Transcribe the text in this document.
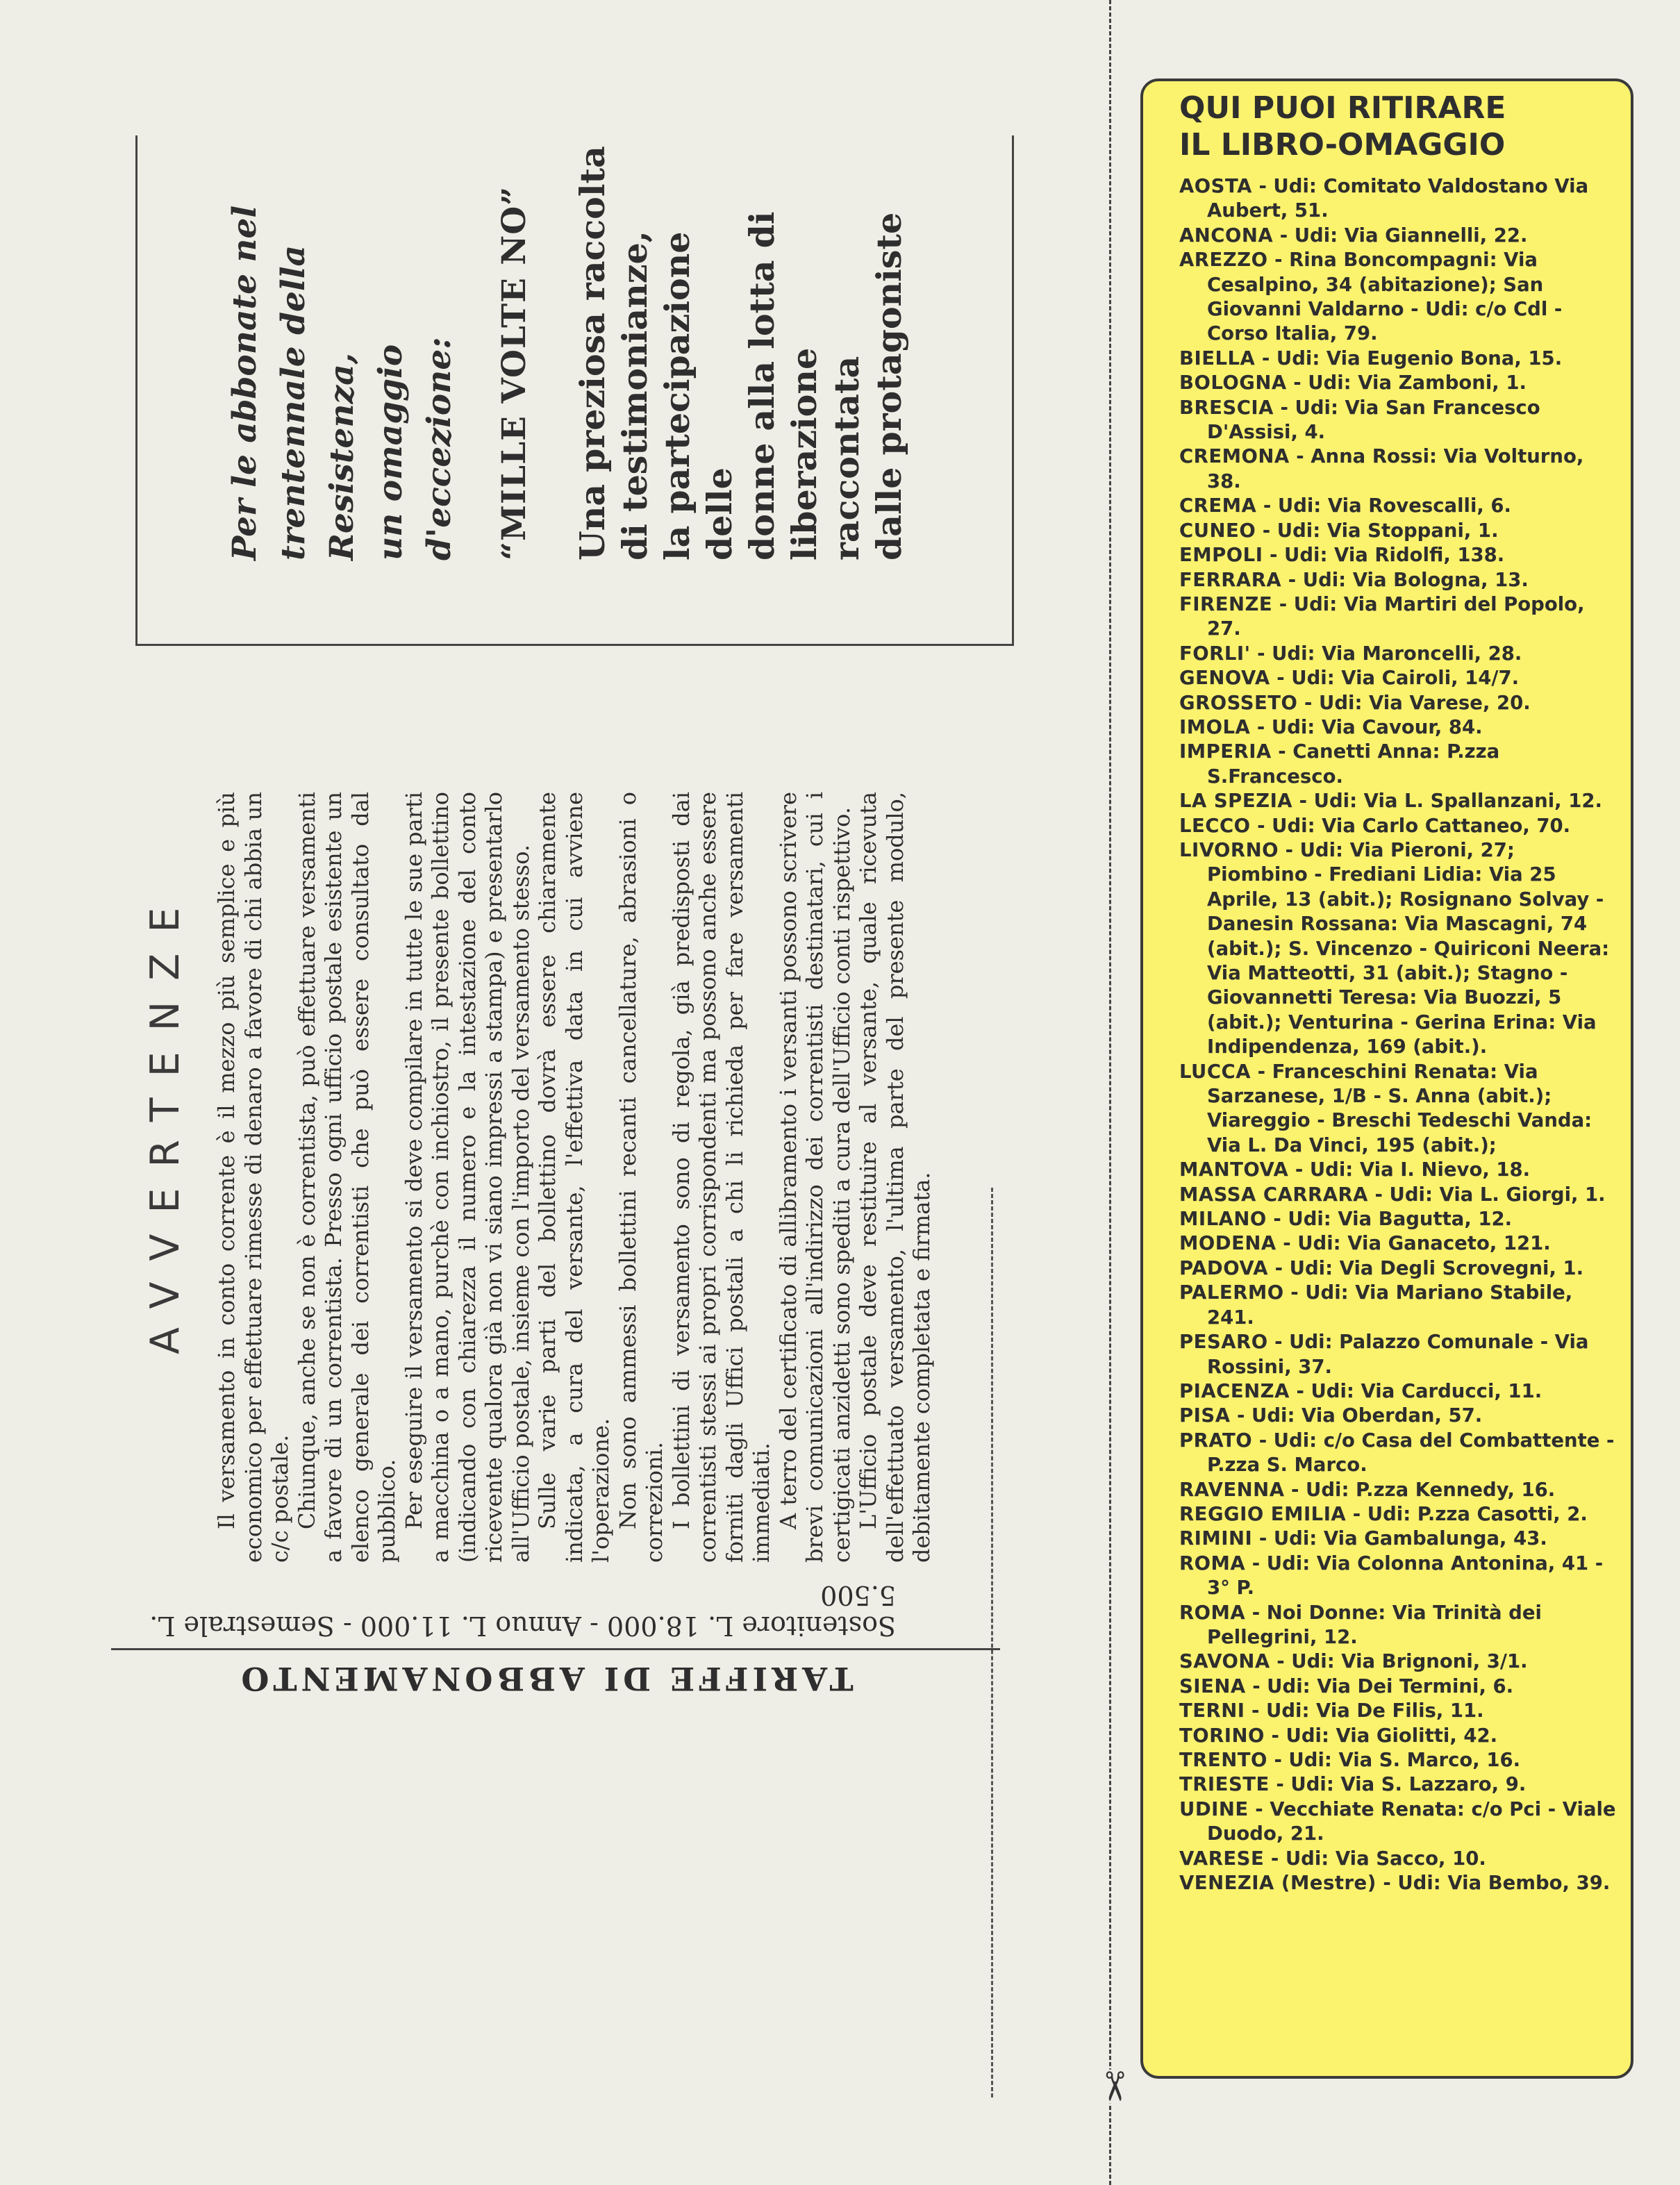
Per le abbonate nel trentennale della Resistenza, un omaggio d'eccezione: “MILLE VOLTE NO” Una preziosa raccolta di testimonianze, la partecipazione delle donne alla lotta di liberazione raccontata dalle protagoniste
AVVERTENZE Il versamento in conto corrente è il mezzo più semplice e più economico per effettuare rimesse di denaro a favore di chi abbia un c/c postale. Chiunque, anche se non è correntista, può effettuare versamenti a favore di un correntista. Presso ogni ufficio postale esistente un elenco generale dei correntisti che può essere consultato dal pubblico. Per eseguire il versamento si deve compilare in tutte le sue parti a macchina o a mano, purchè con inchiostro, il presente bollettino (indicando con chiarezza il numero e la intestazione del conto ricevente qualora già non vi siano impressi a stampa) e presentarlo all'Ufficio postale, insieme con l'importo del versamento stesso. Sulle varie parti del bollettino dovrà essere chiaramente indicata, a cura del versante, l'effettiva data in cui avviene l'operazione. Non sono ammessi bollettini recanti cancellature, abrasioni o correzioni. I bollettini di versamento sono di regola, già predisposti dai correntisti stessi ai propri corrispondenti ma possono anche essere forniti dagli Uffici postali a chi li richieda per fare versamenti immediati. A terro del certificato di allibramento i versanti possono scrivere brevi comunicazioni all'indirizzo dei correntisti destinatari, cui i certigicati anzidetti sono spediti a cura dell'Ufficio conti rispettivo. L'Ufficio postale deve restituire al versante, quale ricevuta dell'effettuato versamento, l'ultima parte del presente modulo, debitamente completata e firmata.

TARIFFE DI ABBONAMENTO
Sostenitore L. 18.000 - Annuo L. 11.000 - Semestrale L. 5.500
✂
QUI PUOI RITIRARE
IL LIBRO-OMAGGIO
AOSTA - Udi: Comitato Valdostano Via Aubert, 51.
ANCONA - Udi: Via Giannelli, 22.
AREZZO - Rina Boncompagni: Via Cesalpino, 34 (abitazione); San Giovanni Valdarno - Udi: c/o Cdl - Corso Italia, 79.
BIELLA - Udi: Via Eugenio Bona, 15.
BOLOGNA - Udi: Via Zamboni, 1.
BRESCIA - Udi: Via San Francesco D'Assisi, 4.
CREMONA - Anna Rossi: Via Volturno, 38.
CREMA - Udi: Via Rovescalli, 6.
CUNEO - Udi: Via Stoppani, 1.
EMPOLI - Udi: Via Ridolfi, 138.
FERRARA - Udi: Via Bologna, 13.
FIRENZE - Udi: Via Martiri del Popolo, 27.
FORLI' - Udi: Via Maroncelli, 28.
GENOVA - Udi: Via Cairoli, 14/7.
GROSSETO - Udi: Via Varese, 20.
IMOLA - Udi: Via Cavour, 84.
IMPERIA - Canetti Anna: P.zza S.Francesco.
LA SPEZIA - Udi: Via L. Spallanzani, 12.
LECCO - Udi: Via Carlo Cattaneo, 70.
LIVORNO - Udi: Via Pieroni, 27; Piombino - Frediani Lidia: Via 25 Aprile, 13 (abit.); Rosignano Solvay - Danesin Rossana: Via Mascagni, 74 (abit.); S. Vincenzo - Quiriconi Neera: Via Matteotti, 31 (abit.); Stagno - Giovannetti Teresa: Via Buozzi, 5 (abit.); Venturina - Gerina Erina: Via Indipendenza, 169 (abit.).
LUCCA - Franceschini Renata: Via Sarzanese, 1/B - S. Anna (abit.); Viareggio - Breschi Tedeschi Vanda: Via L. Da Vinci, 195 (abit.);
MANTOVA - Udi: Via I. Nievo, 18.
MASSA CARRARA - Udi: Via L. Giorgi, 1.
MILANO - Udi: Via Bagutta, 12.
MODENA - Udi: Via Ganaceto, 121.
PADOVA - Udi: Via Degli Scrovegni, 1.
PALERMO - Udi: Via Mariano Stabile, 241.
PESARO - Udi: Palazzo Comunale - Via Rossini, 37.
PIACENZA - Udi: Via Carducci, 11.
PISA - Udi: Via Oberdan, 57.
PRATO - Udi: c/o Casa del Combattente - P.zza S. Marco.
RAVENNA - Udi: P.zza Kennedy, 16.
REGGIO EMILIA - Udi: P.zza Casotti, 2.
RIMINI - Udi: Via Gambalunga, 43.
ROMA - Udi: Via Colonna Antonina, 41 - 3° P.
ROMA - Noi Donne: Via Trinità dei Pellegrini, 12.
SAVONA - Udi: Via Brignoni, 3/1.
SIENA - Udi: Via Dei Termini, 6.
TERNI - Udi: Via De Filis, 11.
TORINO - Udi: Via Giolitti, 42.
TRENTO - Udi: Via S. Marco, 16.
TRIESTE - Udi: Via S. Lazzaro, 9.
UDINE - Vecchiate Renata: c/o Pci - Viale Duodo, 21.
VARESE - Udi: Via Sacco, 10.
VENEZIA (Mestre) - Udi: Via Bembo, 39.
